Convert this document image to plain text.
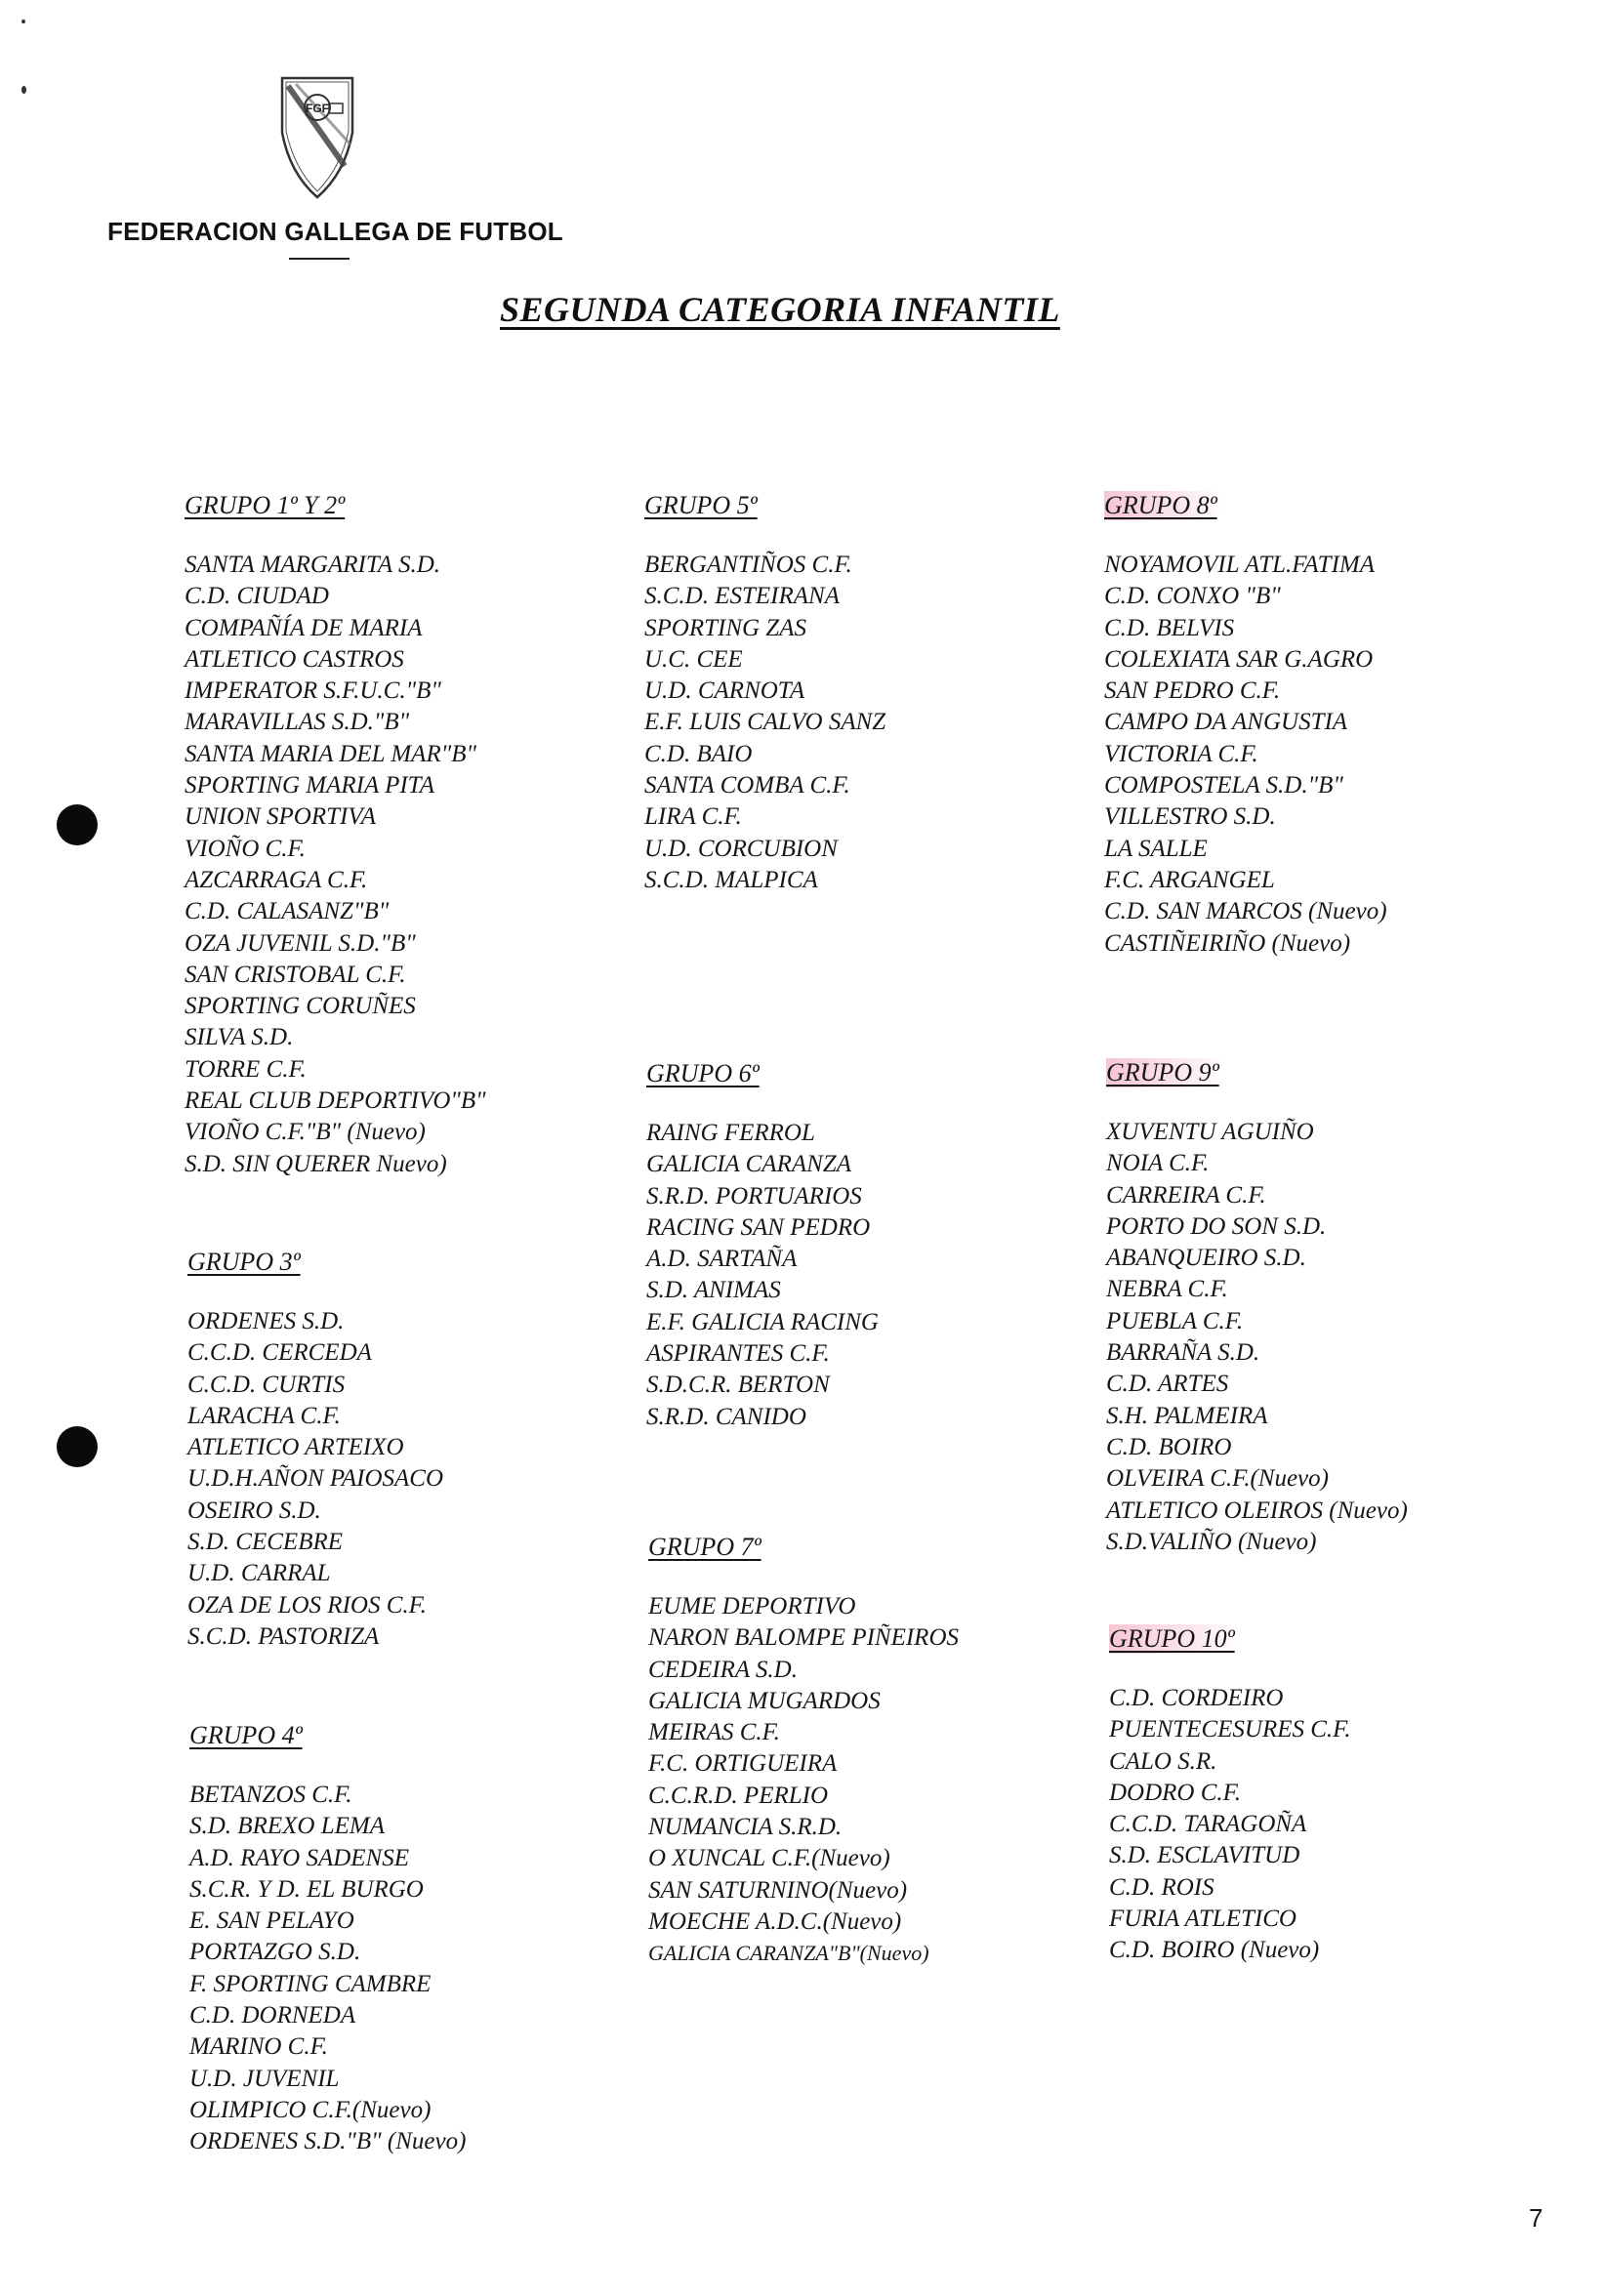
FGF
FEDERACION GALLEGA DE FUTBOL
SEGUNDA CATEGORIA INFANTIL
GRUPO 1º Y 2º
SANTA MARGARITA S.D.
C.D. CIUDAD
COMPAÑÍA DE MARIA
ATLETICO CASTROS
IMPERATOR S.F.U.C."B"
MARAVILLAS S.D."B"
SANTA MARIA DEL MAR"B"
SPORTING MARIA PITA
UNION SPORTIVA
VIOÑO C.F.
AZCARRAGA C.F.
C.D. CALASANZ"B"
OZA JUVENIL S.D."B"
SAN CRISTOBAL C.F.
SPORTING CORUÑES
SILVA S.D.
TORRE C.F.
REAL CLUB DEPORTIVO"B"
VIOÑO C.F."B" (Nuevo)
S.D. SIN QUERER Nuevo)
GRUPO 3º
ORDENES S.D.
C.C.D. CERCEDA
C.C.D. CURTIS
LARACHA C.F.
ATLETICO ARTEIXO
U.D.H.AÑON PAIOSACO
OSEIRO S.D.
S.D. CECEBRE
U.D. CARRAL
OZA DE LOS RIOS C.F.
S.C.D. PASTORIZA
GRUPO 4º
BETANZOS C.F.
S.D. BREXO LEMA
A.D. RAYO SADENSE
S.C.R. Y D. EL BURGO
E. SAN PELAYO
PORTAZGO S.D.
F. SPORTING CAMBRE
C.D. DORNEDA
MARINO C.F.
U.D. JUVENIL
OLIMPICO C.F.(Nuevo)
ORDENES S.D."B" (Nuevo)
GRUPO 5º
BERGANTIÑOS C.F.
S.C.D. ESTEIRANA
SPORTING ZAS
U.C. CEE
U.D. CARNOTA
E.F. LUIS CALVO SANZ
C.D. BAIO
SANTA COMBA C.F.
LIRA C.F.
U.D. CORCUBION
S.C.D. MALPICA
GRUPO 6º
RAING FERROL
GALICIA CARANZA
S.R.D. PORTUARIOS
RACING SAN PEDRO
A.D. SARTAÑA
S.D. ANIMAS
E.F. GALICIA RACING
ASPIRANTES C.F.
S.D.C.R. BERTON
S.R.D. CANIDO
GRUPO 7º
EUME DEPORTIVO
NARON BALOMPE PIÑEIROS
CEDEIRA S.D.
GALICIA MUGARDOS
MEIRAS C.F.
F.C. ORTIGUEIRA
C.C.R.D. PERLIO
NUMANCIA S.R.D.
O XUNCAL C.F.(Nuevo)
SAN SATURNINO(Nuevo)
MOECHE A.D.C.(Nuevo)
GALICIA CARANZA"B"(Nuevo)
GRUPO 8º
NOYAMOVIL ATL.FATIMA
C.D. CONXO "B"
C.D. BELVIS
COLEXIATA SAR G.AGRO
SAN PEDRO C.F.
CAMPO DA ANGUSTIA
VICTORIA C.F.
COMPOSTELA S.D."B"
VILLESTRO S.D.
LA SALLE
F.C. ARGANGEL
C.D. SAN MARCOS (Nuevo)
CASTIÑEIRIÑO (Nuevo)
GRUPO 9º
XUVENTU AGUIÑO
NOIA C.F.
CARREIRA C.F.
PORTO DO SON S.D.
ABANQUEIRO S.D.
NEBRA C.F.
PUEBLA C.F.
BARRAÑA S.D.
C.D. ARTES
S.H. PALMEIRA
C.D. BOIRO
OLVEIRA C.F.(Nuevo)
ATLETICO OLEIROS (Nuevo)
S.D.VALIÑO (Nuevo)
GRUPO 10º
C.D. CORDEIRO
PUENTECESURES C.F.
CALO S.R.
DODRO C.F.
C.C.D. TARAGOÑA
S.D. ESCLAVITUD
C.D. ROIS
FURIA ATLETICO
C.D. BOIRO (Nuevo)
7
